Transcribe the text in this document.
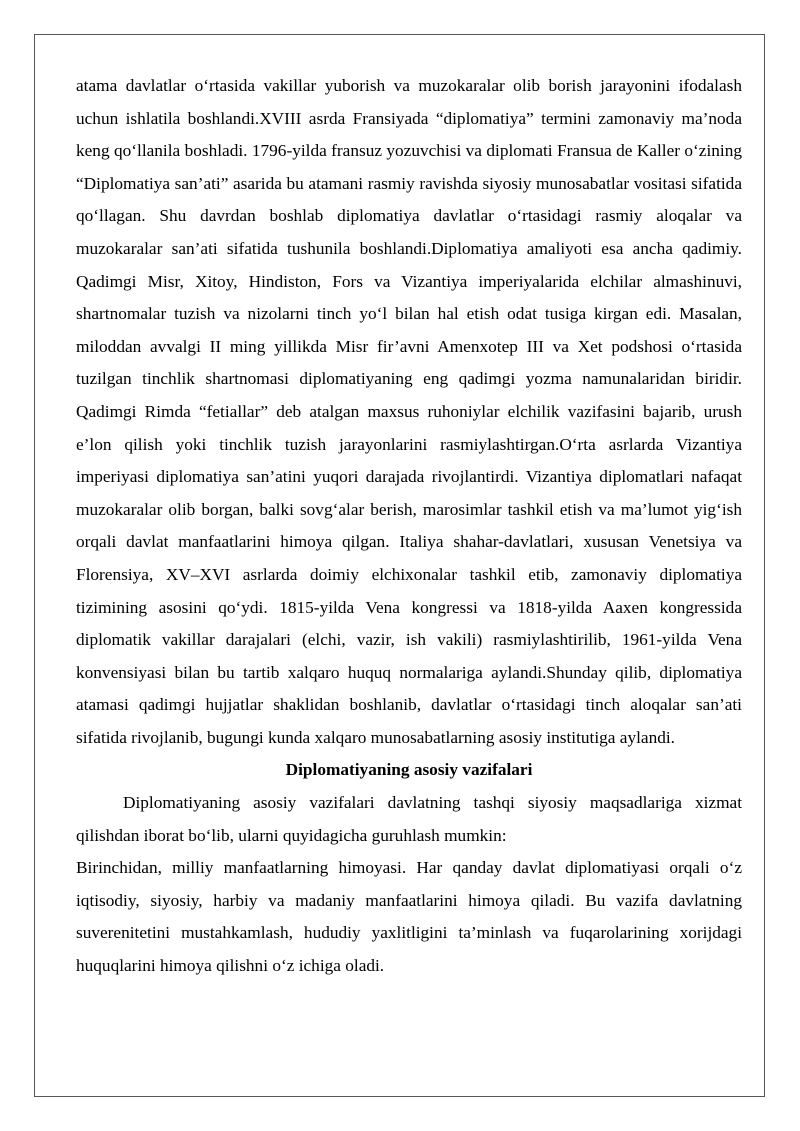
atama davlatlar o‘rtasida vakillar yuborish va muzokaralar olib borish jarayonini ifodalash uchun ishlatila boshlandi.XVIII asrda Fransiyada “diplomatiya” termini zamonaviy ma’noda keng qo‘llanila boshladi. 1796-yilda fransuz yozuvchisi va diplomati Fransua de Kaller o‘zining “Diplomatiya san’ati” asarida bu atamani rasmiy ravishda siyosiy munosabatlar vositasi sifatida qo‘llagan. Shu davrdan boshlab diplomatiya davlatlar o‘rtasidagi rasmiy aloqalar va muzokaralar san’ati sifatida tushunila boshlandi.Diplomatiya amaliyoti esa ancha qadimiy. Qadimgi Misr, Xitoy, Hindiston, Fors va Vizantiya imperiyalarida elchilar almashinuvi, shartnomalar tuzish va nizolarni tinch yo‘l bilan hal etish odat tusiga kirgan edi. Masalan, miloddan avvalgi II ming yillikda Misr fir’avni Amenxotep III va Xet podshosi o‘rtasida tuzilgan tinchlik shartnomasi diplomatiyaning eng qadimgi yozma namunalaridan biridir. Qadimgi Rimda “fetiallar” deb atalgan maxsus ruhoniylar elchilik vazifasini bajarib, urush e’lon qilish yoki tinchlik tuzish jarayonlarini rasmiylashtirgan.O‘rta asrlarda Vizantiya imperiyasi diplomatiya san’atini yuqori darajada rivojlantirdi. Vizantiya diplomatlari nafaqat muzokaralar olib borgan, balki sovg‘alar berish, marosimlar tashkil etish va ma’lumot yig‘ish orqali davlat manfaatlarini himoya qilgan. Italiya shahar-davlatlari, xususan Venetsiya va Florensiya, XV–XVI asrlarda doimiy elchixonalar tashkil etib, zamonaviy diplomatiya tizimining asosini qo‘ydi. 1815-yilda Vena kongressi va 1818-yilda Aaxen kongressida diplomatik vakillar darajalari (elchi, vazir, ish vakili) rasmiylashtirilib, 1961-yilda Vena konvensiyasi bilan bu tartib xalqaro huquq normalariga aylandi.Shunday qilib, diplomatiya atamasi qadimgi hujjatlar shaklidan boshlanib, davlatlar o‘rtasidagi tinch aloqalar san’ati sifatida rivojlanib, bugungi kunda xalqaro munosabatlarning asosiy institutiga aylandi.

Diplomatiyaning asosiy vazifalari

Diplomatiyaning asosiy vazifalari davlatning tashqi siyosiy maqsadlariga xizmat qilishdan iborat bo‘lib, ularni quyidagicha guruhlash mumkin:

Birinchidan, milliy manfaatlarning himoyasi. Har qanday davlat diplomatiyasi orqali o‘z iqtisodiy, siyosiy, harbiy va madaniy manfaatlarini himoya qiladi. Bu vazifa davlatning suverenitetini mustahkamlash, hududiy yaxlitligini ta’minlash va fuqarolarining xorijdagi huquqlarini himoya qilishni o‘z ichiga oladi.
